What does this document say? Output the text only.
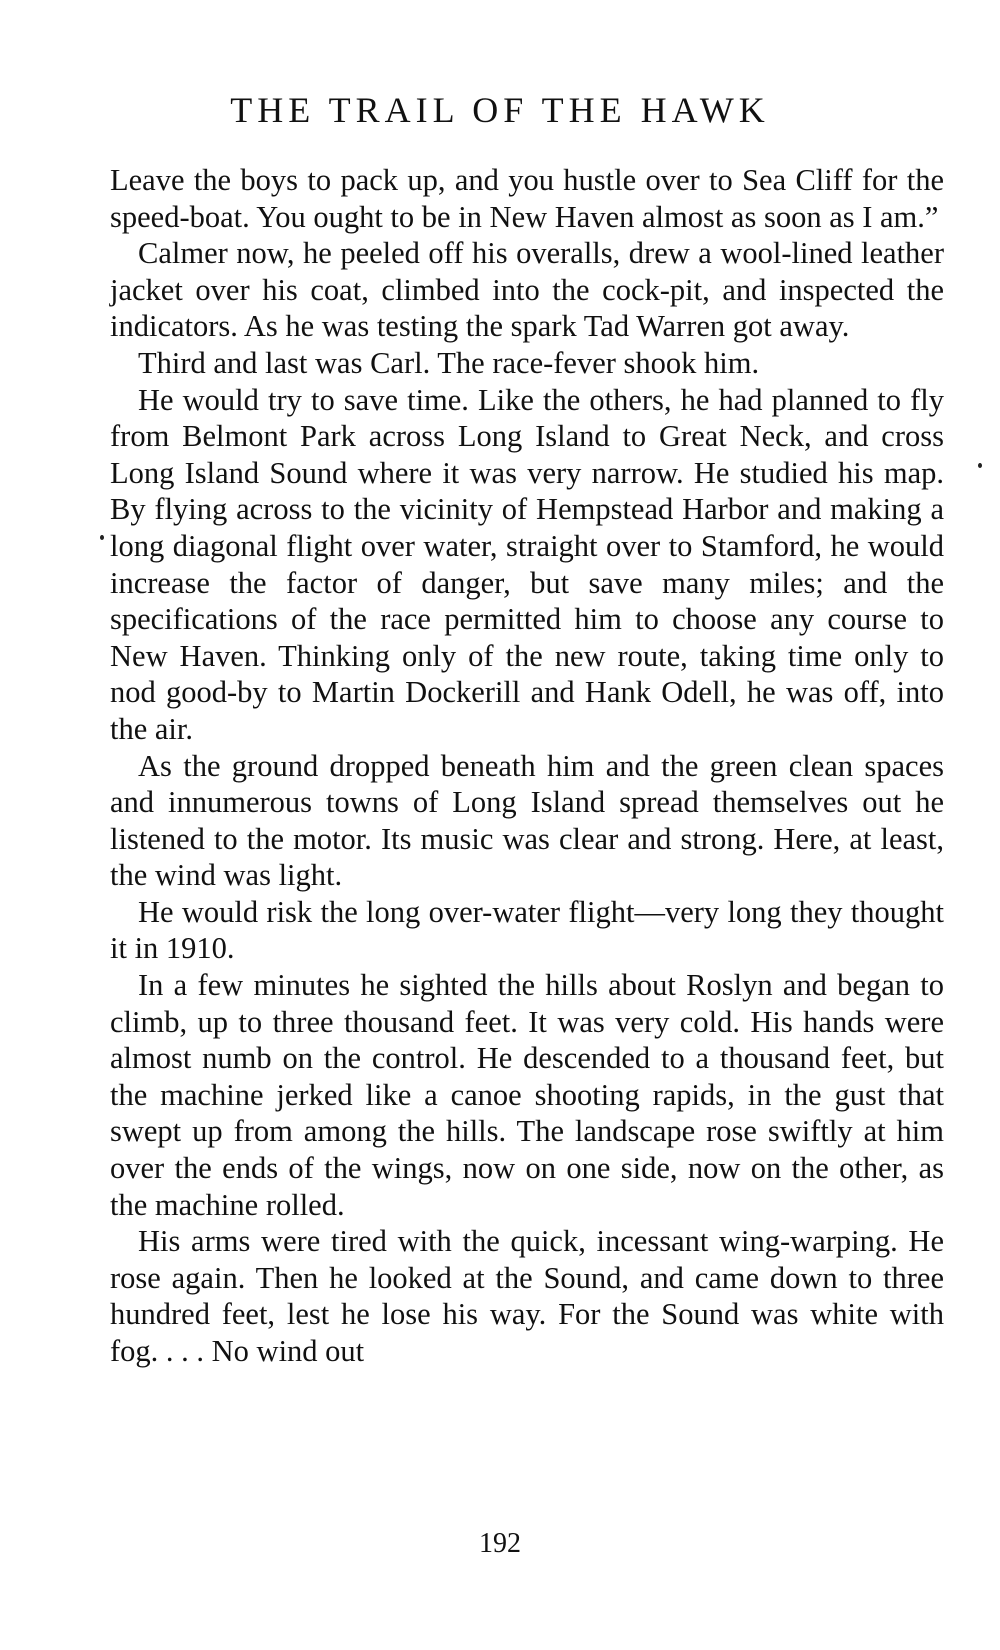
THE TRAIL OF THE HAWK

Leave the boys to pack up, and you hustle over to Sea Cliff for the speed-boat. You ought to be in New Haven almost as soon as I am.”

Calmer now, he peeled off his overalls, drew a wool-lined leather jacket over his coat, climbed into the cock-pit, and inspected the indicators. As he was testing the spark Tad Warren got away.

Third and last was Carl. The race-fever shook him.

He would try to save time. Like the others, he had planned to fly from Belmont Park across Long Island to Great Neck, and cross Long Island Sound where it was very narrow. He studied his map. By flying across to the vicinity of Hempstead Harbor and making a long diagonal flight over water, straight over to Stamford, he would increase the factor of danger, but save many miles; and the specifications of the race permitted him to choose any course to New Haven. Thinking only of the new route, taking time only to nod good-by to Martin Dockerill and Hank Odell, he was off, into the air.

As the ground dropped beneath him and the green clean spaces and innumerous towns of Long Island spread themselves out he listened to the motor. Its music was clear and strong. Here, at least, the wind was light.

He would risk the long over-water flight—very long they thought it in 1910.

In a few minutes he sighted the hills about Roslyn and began to climb, up to three thousand feet. It was very cold. His hands were almost numb on the control. He descended to a thousand feet, but the machine jerked like a canoe shooting rapids, in the gust that swept up from among the hills. The landscape rose swiftly at him over the ends of the wings, now on one side, now on the other, as the machine rolled.

His arms were tired with the quick, incessant wing-warping. He rose again. Then he looked at the Sound, and came down to three hundred feet, lest he lose his way. For the Sound was white with fog. . . . No wind out

192
